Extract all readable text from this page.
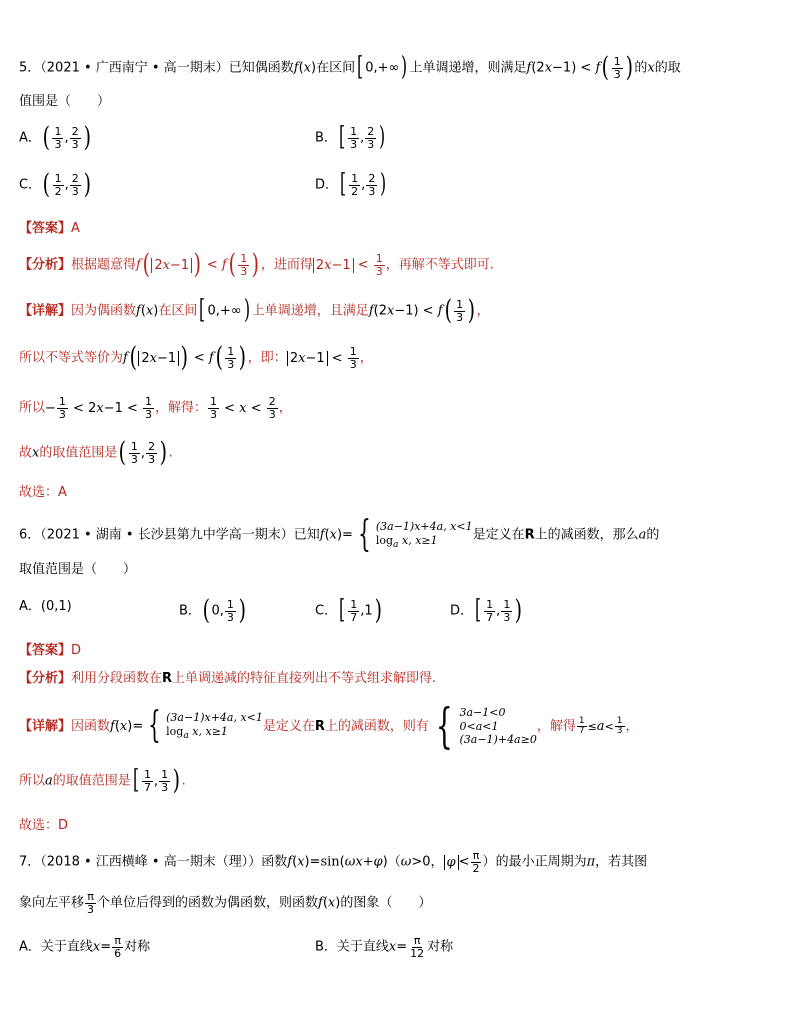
5．（2021 • 广西南宁 • 高一期末）已知偶函数f(x)在区间[ 0,+∞) 上单调递增，则满足$f(2x-1) < f( \frac{1}{3}$ ) 的x的取
值围是（　　）
A．( $\frac{1}{3}$ , $\frac{2}{3}$ )	B．[ $\frac{1}{3}$ , $\frac{2}{3}$ )
C．( $\frac{1}{2}$ , $\frac{2}{3}$ )	D．[ $\frac{1}{2}$ , $\frac{2}{3}$ )
【答案】A
【分析】根据题意得f( 2x−1 ) < $f( \frac{1}{3}$ ) ，进而得 $2x-1 < \frac{1}{3}$ ，再解不等式即可.
【详解】因为偶函数f(x)在区间[ 0,+∞) 上单调递增，且满足$f(2x-1) < f( \frac{1}{3}$ ) ，
所以不等式等价为f( 2x−1 ) < $f( \frac{1}{3}$ ) ，即： $2x-1 < \frac{1}{3}$ ，
所以− $\frac{1}{3} < 2x-1 < \frac{1}{3}$ ，解得： $\frac{1}{3} < x < \frac{2}{3}$ ，
故x的取值范围是( $\frac{1}{3}$ , $\frac{2}{3}$ ) .
故选：A
6．（2021 • 湖南 • 长沙县第九中学高一期末）已知f(x)= { (3a−1)x+4a, x<1
$\log_a x$, x≥1	是定义在R上的减函数，那么a的
取值范围是（　　）
A．(0,1)	B．( 0, $\frac{1}{3}$ )	C．[ $\frac{1}{7} ,1$)	D．[ $\frac{1}{7}$ , $\frac{1}{3}$ )
【答案】D
【分析】利用分段函数在R上单调递减的特征直接列出不等式组求解即得.
【详解】因函数f(x)= { (3a−1)x+4a, x<1
$\log_a x$, x≥1	是定义在R上的减函数，则有 { 3a−1<0
0<a<1
(3a−1)+4a≥0
，解得 $\frac{1}{7} \le a< \frac{1}{3}$ ，
所以a的取值范围是[ $\frac{1}{7}$ , $\frac{1}{3}$ ) .
故选：D
7．（2018 • 江西横峰 • 高一期末（理））函数f(x)=sin(ωx+φ)（ω>0， $\varphi < \frac{\pi}{2}$ ）的最小正周期为π，若其图
象向左平移 $\frac{\pi}{3}$ 个单位后得到的函数为偶函数，则函数f(x)的图象（　　）
A．关于直线$x= \frac{\pi}{6}$ 对称	B．关于直线$x= \frac{\pi}{12}$ 对称
